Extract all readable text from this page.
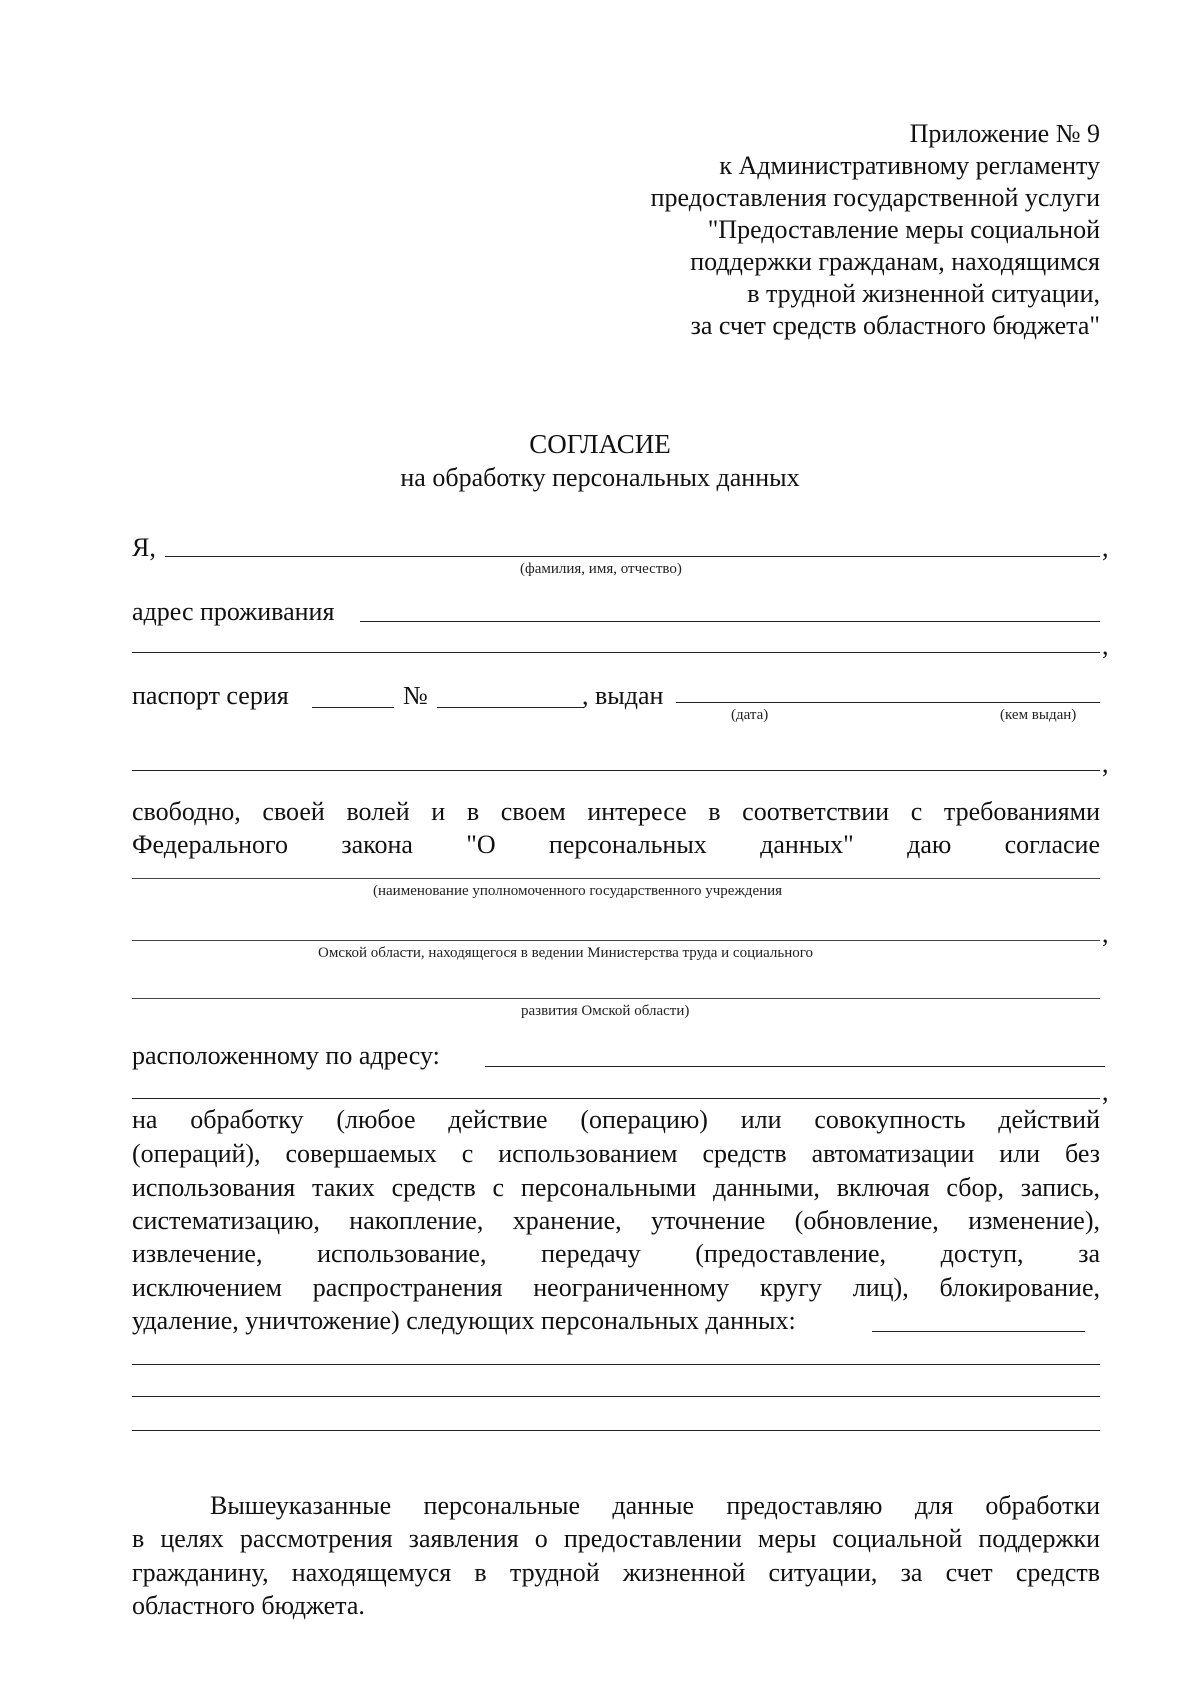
Приложение № 9
к Административному регламенту
предоставления государственной услуги
"Предоставление меры социальной
поддержки гражданам, находящимся
в трудной жизненной ситуации,
за счет средств областного бюджета"
СОГЛАСИЕ
на обработку персональных данных
Я,	,
(фамилия, имя, отчество)
адрес проживания
,
паспорт серия	№	, выдан
(дата)	(кем выдан)
,
свободно, своей волей и в своем интересе в соответствии с требованиями
Федерального закона "О персональных данных" даю согласие
(наименование уполномоченного государственного учреждения
,
Омской области, находящегося в ведении Министерства труда и социального
развития Омской области)
расположенному по адресу:
,
на обработку (любое действие (операцию) или совокупность действий
(операций), совершаемых с использованием средств автоматизации или без
использования таких средств с персональными данными, включая сбор, запись,
систематизацию, накопление, хранение, уточнение (обновление, изменение),
извлечение, использование, передачу (предоставление, доступ, за
исключением распространения неограниченному кругу лиц), блокирование,
удаление, уничтожение) следующих персональных данных:
Вышеуказанные персональные данные предоставляю для обработки
в целях рассмотрения заявления о предоставлении меры социальной поддержки
гражданину, находящемуся в трудной жизненной ситуации, за счет средств
областного бюджета.
